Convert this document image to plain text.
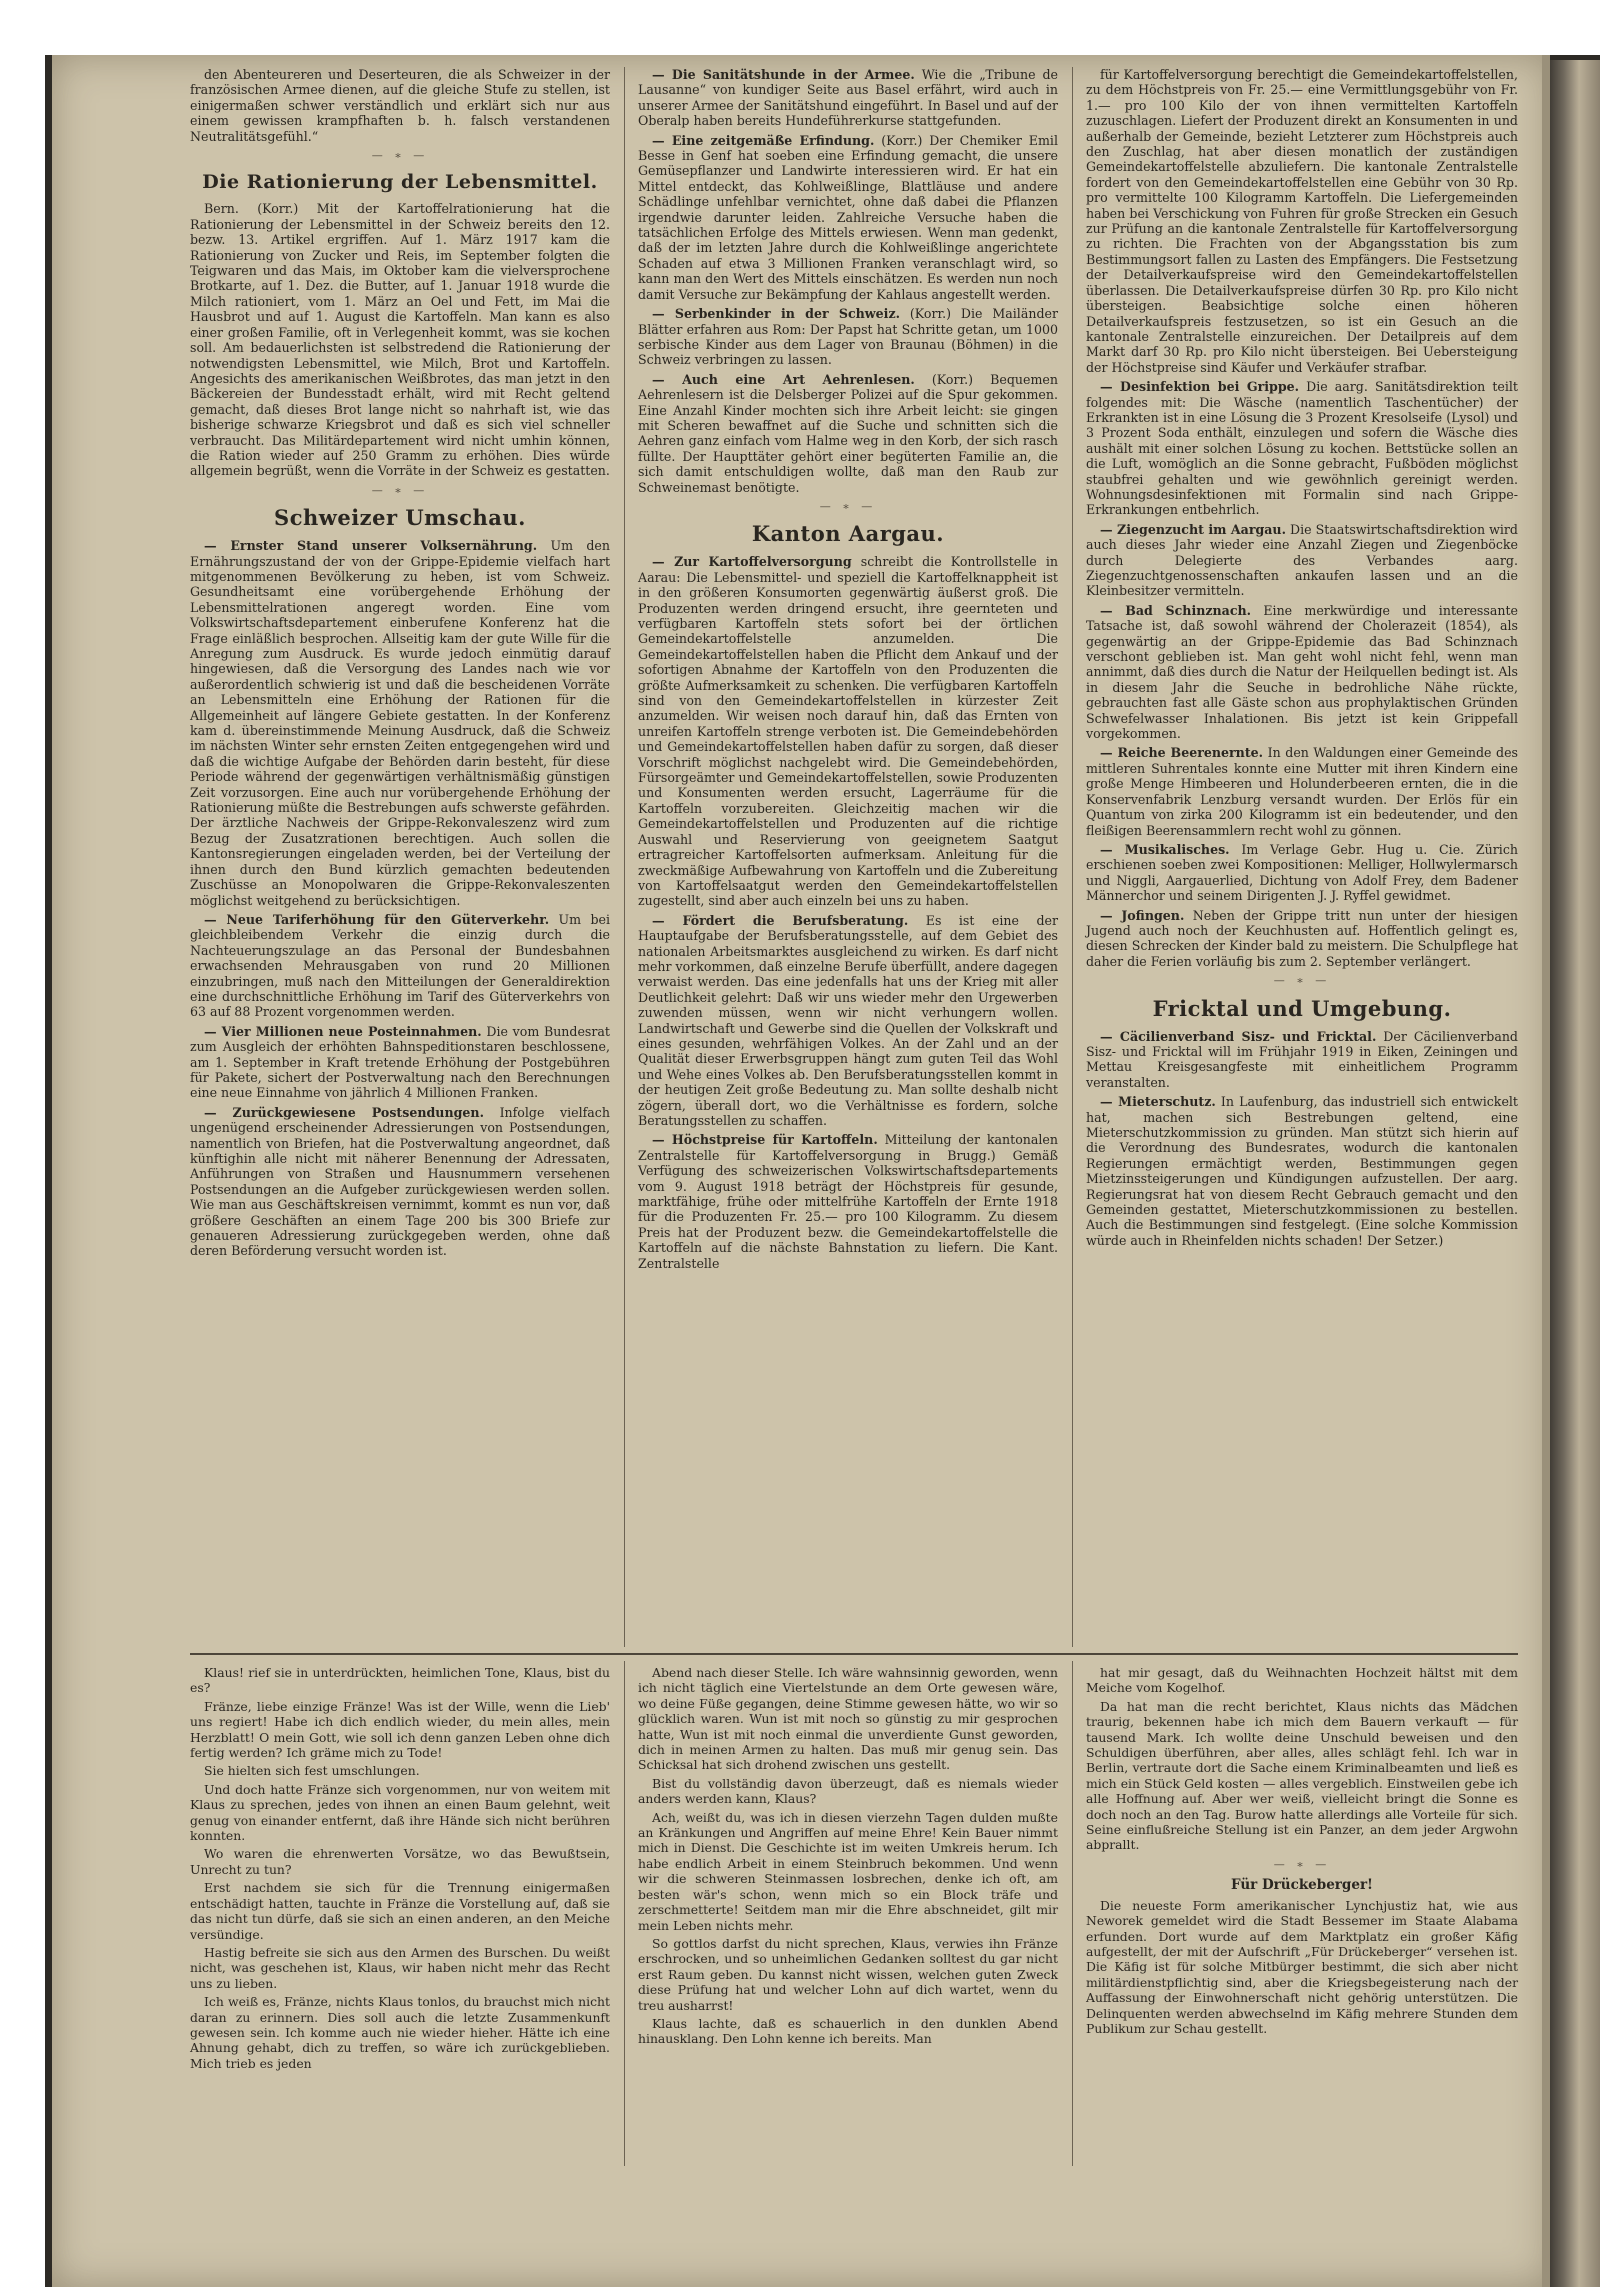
den Abenteureren und Deserteuren, die als Schweizer in der französischen Armee dienen, auf die gleiche Stufe zu stellen, ist einigermaßen schwer verständlich und erklärt sich nur aus einem gewissen krampfhaften b. h. falsch verstandenen Neutralitätsgefühl.“

— ∗ —
Die Rationierung der Lebensmittel.

Bern. (Korr.) Mit der Kartoffelrationierung hat die Rationierung der Lebensmittel in der Schweiz bereits den 12. bezw. 13. Artikel ergriffen. Auf 1. März 1917 kam die Rationierung von Zucker und Reis, im September folgten die Teigwaren und das Mais, im Oktober kam die vielversprochene Brotkarte, auf 1. Dez. die Butter, auf 1. Januar 1918 wurde die Milch rationiert, vom 1. März an Oel und Fett, im Mai die Hausbrot und auf 1. August die Kartoffeln. Man kann es also einer großen Familie, oft in Verlegenheit kommt, was sie kochen soll. Am bedauerlichsten ist selbstredend die Rationierung der notwendigsten Lebensmittel, wie Milch, Brot und Kartoffeln. Angesichts des amerikanischen Weißbrotes, das man jetzt in den Bäckereien der Bundesstadt erhält, wird mit Recht geltend gemacht, daß dieses Brot lange nicht so nahrhaft ist, wie das bisherige schwarze Kriegsbrot und daß es sich viel schneller verbraucht. Das Militärdepartement wird nicht umhin können, die Ration wieder auf 250 Gramm zu erhöhen. Dies würde allgemein begrüßt, wenn die Vorräte in der Schweiz es gestatten.

— ∗ —
Schweizer Umschau.

— Ernster Stand unserer Volksernährung. Um den Ernährungszustand der von der Grippe-Epidemie vielfach hart mitgenommenen Bevölkerung zu heben, ist vom Schweiz. Gesundheitsamt eine vorübergehende Erhöhung der Lebensmittelrationen angeregt worden. Eine vom Volkswirtschaftsdepartement einberufene Konferenz hat die Frage einläßlich besprochen. Allseitig kam der gute Wille für die Anregung zum Ausdruck. Es wurde jedoch einmütig darauf hingewiesen, daß die Versorgung des Landes nach wie vor außerordentlich schwierig ist und daß die bescheidenen Vorräte an Lebensmitteln eine Erhöhung der Rationen für die Allgemeinheit auf längere Gebiete gestatten. In der Konferenz kam d. übereinstimmende Meinung Ausdruck, daß die Schweiz im nächsten Winter sehr ernsten Zeiten entgegengehen wird und daß die wichtige Aufgabe der Behörden darin besteht, für diese Periode während der gegenwärtigen verhältnismäßig günstigen Zeit vorzusorgen. Eine auch nur vorübergehende Erhöhung der Rationierung müßte die Bestrebungen aufs schwerste gefährden. Der ärztliche Nachweis der Grippe-Rekonvaleszenz wird zum Bezug der Zusatzrationen berechtigen. Auch sollen die Kantonsregierungen eingeladen werden, bei der Verteilung der ihnen durch den Bund kürzlich gemachten bedeutenden Zuschüsse an Monopolwaren die Grippe-Rekonvaleszenten möglichst weitgehend zu berücksichtigen.

— Neue Tariferhöhung für den Güterverkehr. Um bei gleichbleibendem Verkehr die einzig durch die Nachteuerungszulage an das Personal der Bundesbahnen erwachsenden Mehrausgaben von rund 20 Millionen einzubringen, muß nach den Mitteilungen der Generaldirektion eine durchschnittliche Erhöhung im Tarif des Güterverkehrs von 63 auf 88 Prozent vorgenommen werden.

— Vier Millionen neue Posteinnahmen. Die vom Bundesrat zum Ausgleich der erhöhten Bahnspeditionstaren beschlossene, am 1. September in Kraft tretende Erhöhung der Postgebühren für Pakete, sichert der Postverwaltung nach den Berechnungen eine neue Einnahme von jährlich 4 Millionen Franken.

— Zurückgewiesene Postsendungen. Infolge vielfach ungenügend erscheinender Adressierungen von Postsendungen, namentlich von Briefen, hat die Postverwaltung angeordnet, daß künftighin alle nicht mit näherer Benennung der Adressaten, Anführungen von Straßen und Hausnummern versehenen Postsendungen an die Aufgeber zurückgewiesen werden sollen. Wie man aus Geschäftskreisen vernimmt, kommt es nun vor, daß größere Geschäften an einem Tage 200 bis 300 Briefe zur genaueren Adressierung zurückgegeben werden, ohne daß deren Beförderung versucht worden ist.

— Die Sanitätshunde in der Armee. Wie die „Tribune de Lausanne“ von kundiger Seite aus Basel erfährt, wird auch in unserer Armee der Sanitätshund eingeführt. In Basel und auf der Oberalp haben bereits Hundeführerkurse stattgefunden.

— Eine zeitgemäße Erfindung. (Korr.) Der Chemiker Emil Besse in Genf hat soeben eine Erfindung gemacht, die unsere Gemüsepflanzer und Landwirte interessieren wird. Er hat ein Mittel entdeckt, das Kohlweißlinge, Blattläuse und andere Schädlinge unfehlbar vernichtet, ohne daß dabei die Pflanzen irgendwie darunter leiden. Zahlreiche Versuche haben die tatsächlichen Erfolge des Mittels erwiesen. Wenn man gedenkt, daß der im letzten Jahre durch die Kohlweißlinge angerichtete Schaden auf etwa 3 Millionen Franken veranschlagt wird, so kann man den Wert des Mittels einschätzen. Es werden nun noch damit Versuche zur Bekämpfung der Kahlaus angestellt werden.

— Serbenkinder in der Schweiz. (Korr.) Die Mailänder Blätter erfahren aus Rom: Der Papst hat Schritte getan, um 1000 serbische Kinder aus dem Lager von Braunau (Böhmen) in die Schweiz verbringen zu lassen.

— Auch eine Art Aehrenlesen. (Korr.) Bequemen Aehrenlesern ist die Delsberger Polizei auf die Spur gekommen. Eine Anzahl Kinder mochten sich ihre Arbeit leicht: sie gingen mit Scheren bewaffnet auf die Suche und schnitten sich die Aehren ganz einfach vom Halme weg in den Korb, der sich rasch füllte. Der Haupttäter gehört einer begüterten Familie an, die sich damit entschuldigen wollte, daß man den Raub zur Schweinemast benötigte.

— ∗ —
Kanton Aargau.

— Zur Kartoffelversorgung schreibt die Kontrollstelle in Aarau: Die Lebensmittel- und speziell die Kartoffelknappheit ist in den größeren Konsumorten gegenwärtig äußerst groß. Die Produzenten werden dringend ersucht, ihre geernteten und verfügbaren Kartoffeln stets sofort bei der örtlichen Gemeindekartoffelstelle anzumelden. Die Gemeindekartoffelstellen haben die Pflicht dem Ankauf und der sofortigen Abnahme der Kartoffeln von den Produzenten die größte Aufmerksamkeit zu schenken. Die verfügbaren Kartoffeln sind von den Gemeindekartoffelstellen in kürzester Zeit anzumelden. Wir weisen noch darauf hin, daß das Ernten von unreifen Kartoffeln strenge verboten ist. Die Gemeindebehörden und Gemeindekartoffelstellen haben dafür zu sorgen, daß dieser Vorschrift möglichst nachgelebt wird. Die Gemeindebehörden, Fürsorgeämter und Gemeindekartoffelstellen, sowie Produzenten und Konsumenten werden ersucht, Lagerräume für die Kartoffeln vorzubereiten. Gleichzeitig machen wir die Gemeindekartoffelstellen und Produzenten auf die richtige Auswahl und Reservierung von geeignetem Saatgut ertragreicher Kartoffelsorten aufmerksam. Anleitung für die zweckmäßige Aufbewahrung von Kartoffeln und die Zubereitung von Kartoffelsaatgut werden den Gemeindekartoffelstellen zugestellt, sind aber auch einzeln bei uns zu haben.

— Fördert die Berufsberatung. Es ist eine der Hauptaufgabe der Berufsberatungsstelle, auf dem Gebiet des nationalen Arbeitsmarktes ausgleichend zu wirken. Es darf nicht mehr vorkommen, daß einzelne Berufe überfüllt, andere dagegen verwaist werden. Das eine jedenfalls hat uns der Krieg mit aller Deutlichkeit gelehrt: Daß wir uns wieder mehr den Urgewerben zuwenden müssen, wenn wir nicht verhungern wollen. Landwirtschaft und Gewerbe sind die Quellen der Volkskraft und eines gesunden, wehrfähigen Volkes. An der Zahl und an der Qualität dieser Erwerbsgruppen hängt zum guten Teil das Wohl und Wehe eines Volkes ab. Den Berufsberatungsstellen kommt in der heutigen Zeit große Bedeutung zu. Man sollte deshalb nicht zögern, überall dort, wo die Verhältnisse es fordern, solche Beratungsstellen zu schaffen.

— Höchstpreise für Kartoffeln. Mitteilung der kantonalen Zentralstelle für Kartoffelversorgung in Brugg.) Gemäß Verfügung des schweizerischen Volkswirtschaftsdepartements vom 9. August 1918 beträgt der Höchstpreis für gesunde, marktfähige, frühe oder mittelfrühe Kartoffeln der Ernte 1918 für die Produzenten Fr. 25.— pro 100 Kilogramm. Zu diesem Preis hat der Produzent bezw. die Gemeindekartoffelstelle die Kartoffeln auf die nächste Bahnstation zu liefern. Die Kant. Zentralstelle

für Kartoffelversorgung berechtigt die Gemeindekartoffelstellen, zu dem Höchstpreis von Fr. 25.— eine Vermittlungsgebühr von Fr. 1.— pro 100 Kilo der von ihnen vermittelten Kartoffeln zuzuschlagen. Liefert der Produzent direkt an Konsumenten in und außerhalb der Gemeinde, bezieht Letzterer zum Höchstpreis auch den Zuschlag, hat aber diesen monatlich der zuständigen Gemeindekartoffelstelle abzuliefern. Die kantonale Zentralstelle fordert von den Gemeindekartoffelstellen eine Gebühr von 30 Rp. pro vermittelte 100 Kilogramm Kartoffeln. Die Liefergemeinden haben bei Verschickung von Fuhren für große Strecken ein Gesuch zur Prüfung an die kantonale Zentralstelle für Kartoffelversorgung zu richten. Die Frachten von der Abgangsstation bis zum Bestimmungsort fallen zu Lasten des Empfängers. Die Festsetzung der Detailverkaufspreise wird den Gemeindekartoffelstellen überlassen. Die Detailverkaufspreise dürfen 30 Rp. pro Kilo nicht übersteigen. Beabsichtige solche einen höheren Detailverkaufspreis festzusetzen, so ist ein Gesuch an die kantonale Zentralstelle einzureichen. Der Detailpreis auf dem Markt darf 30 Rp. pro Kilo nicht übersteigen. Bei Uebersteigung der Höchstpreise sind Käufer und Verkäufer strafbar.

— Desinfektion bei Grippe. Die aarg. Sanitätsdirektion teilt folgendes mit: Die Wäsche (namentlich Taschentücher) der Erkrankten ist in eine Lösung die 3 Prozent Kresolseife (Lysol) und 3 Prozent Soda enthält, einzulegen und sofern die Wäsche dies aushält mit einer solchen Lösung zu kochen. Bettstücke sollen an die Luft, womöglich an die Sonne gebracht, Fußböden möglichst staubfrei gehalten und wie gewöhnlich gereinigt werden. Wohnungsdesinfektionen mit Formalin sind nach Grippe-Erkrankungen entbehrlich.

— Ziegenzucht im Aargau. Die Staatswirtschaftsdirektion wird auch dieses Jahr wieder eine Anzahl Ziegen und Ziegenböcke durch Delegierte des Verbandes aarg. Ziegenzuchtgenossenschaften ankaufen lassen und an die Kleinbesitzer vermitteln.

— Bad Schinznach. Eine merkwürdige und interessante Tatsache ist, daß sowohl während der Cholerazeit (1854), als gegenwärtig an der Grippe-Epidemie das Bad Schinznach verschont geblieben ist. Man geht wohl nicht fehl, wenn man annimmt, daß dies durch die Natur der Heilquellen bedingt ist. Als in diesem Jahr die Seuche in bedrohliche Nähe rückte, gebrauchten fast alle Gäste schon aus prophylaktischen Gründen Schwefelwasser Inhalationen. Bis jetzt ist kein Grippefall vorgekommen.

— Reiche Beerenernte. In den Waldungen einer Gemeinde des mittleren Suhrentales konnte eine Mutter mit ihren Kindern eine große Menge Himbeeren und Holunderbeeren ernten, die in die Konservenfabrik Lenzburg versandt wurden. Der Erlös für ein Quantum von zirka 200 Kilogramm ist ein bedeutender, und den fleißigen Beerensammlern recht wohl zu gönnen.

— Musikalisches. Im Verlage Gebr. Hug u. Cie. Zürich erschienen soeben zwei Kompositionen: Melliger, Hollwylermarsch und Niggli, Aargauerlied, Dichtung von Adolf Frey, dem Badener Männerchor und seinem Dirigenten J. J. Ryffel gewidmet.

— Jofingen. Neben der Grippe tritt nun unter der hiesigen Jugend auch noch der Keuchhusten auf. Hoffentlich gelingt es, diesen Schrecken der Kinder bald zu meistern. Die Schulpflege hat daher die Ferien vorläufig bis zum 2. September verlängert.

— ∗ —
Fricktal und Umgebung.

— Cäcilienverband Sisz- und Fricktal. Der Cäcilienverband Sisz- und Fricktal will im Frühjahr 1919 in Eiken, Zeiningen und Mettau Kreisgesangfeste mit einheitlichem Programm veranstalten.

— Mieterschutz. In Laufenburg, das industriell sich entwickelt hat, machen sich Bestrebungen geltend, eine Mieterschutzkommission zu gründen. Man stützt sich hierin auf die Verordnung des Bundesrates, wodurch die kantonalen Regierungen ermächtigt werden, Bestimmungen gegen Mietzinssteigerungen und Kündigungen aufzustellen. Der aarg. Regierungsrat hat von diesem Recht Gebrauch gemacht und den Gemeinden gestattet, Mieterschutzkommissionen zu bestellen. Auch die Bestimmungen sind festgelegt. (Eine solche Kommission würde auch in Rheinfelden nichts schaden! Der Setzer.)

Klaus! rief sie in unterdrückten, heimlichen Tone, Klaus, bist du es?

Fränze, liebe einzige Fränze! Was ist der Wille, wenn die Lieb' uns regiert! Habe ich dich endlich wieder, du mein alles, mein Herzblatt! O mein Gott, wie soll ich denn ganzen Leben ohne dich fertig werden? Ich gräme mich zu Tode!

Sie hielten sich fest umschlungen.

Und doch hatte Fränze sich vorgenommen, nur von weitem mit Klaus zu sprechen, jedes von ihnen an einen Baum gelehnt, weit genug von einander entfernt, daß ihre Hände sich nicht berühren konnten.

Wo waren die ehrenwerten Vorsätze, wo das Bewußtsein, Unrecht zu tun?

Erst nachdem sie sich für die Trennung einigermaßen entschädigt hatten, tauchte in Fränze die Vorstellung auf, daß sie das nicht tun dürfe, daß sie sich an einen anderen, an den Meiche versündige.

Hastig befreite sie sich aus den Armen des Burschen. Du weißt nicht, was geschehen ist, Klaus, wir haben nicht mehr das Recht uns zu lieben.

Ich weiß es, Fränze, nichts Klaus tonlos, du brauchst mich nicht daran zu erinnern. Dies soll auch die letzte Zusammenkunft gewesen sein. Ich komme auch nie wieder hieher. Hätte ich eine Ahnung gehabt, dich zu treffen, so wäre ich zurückgeblieben. Mich trieb es jeden

Abend nach dieser Stelle. Ich wäre wahnsinnig geworden, wenn ich nicht täglich eine Viertelstunde an dem Orte gewesen wäre, wo deine Füße gegangen, deine Stimme gewesen hätte, wo wir so glücklich waren. Wun ist mit noch so günstig zu mir gesprochen hatte, Wun ist mit noch einmal die unverdiente Gunst geworden, dich in meinen Armen zu halten. Das muß mir genug sein. Das Schicksal hat sich drohend zwischen uns gestellt.

Bist du vollständig davon überzeugt, daß es niemals wieder anders werden kann, Klaus?

Ach, weißt du, was ich in diesen vierzehn Tagen dulden mußte an Kränkungen und Angriffen auf meine Ehre! Kein Bauer nimmt mich in Dienst. Die Geschichte ist im weiten Umkreis herum. Ich habe endlich Arbeit in einem Steinbruch bekommen. Und wenn wir die schweren Steinmassen losbrechen, denke ich oft, am besten wär's schon, wenn mich so ein Block träfe und zerschmetterte! Seitdem man mir die Ehre abschneidet, gilt mir mein Leben nichts mehr.

So gottlos darfst du nicht sprechen, Klaus, verwies ihn Fränze erschrocken, und so unheimlichen Gedanken solltest du gar nicht erst Raum geben. Du kannst nicht wissen, welchen guten Zweck diese Prüfung hat und welcher Lohn auf dich wartet, wenn du treu ausharrst!

Klaus lachte, daß es schauerlich in den dunklen Abend hinausklang. Den Lohn kenne ich bereits. Man

hat mir gesagt, daß du Weihnachten Hochzeit hältst mit dem Meiche vom Kogelhof.

Da hat man die recht berichtet, Klaus nichts das Mädchen traurig, bekennen habe ich mich dem Bauern verkauft — für tausend Mark. Ich wollte deine Unschuld beweisen und den Schuldigen überführen, aber alles, alles schlägt fehl. Ich war in Berlin, vertraute dort die Sache einem Kriminalbeamten und ließ es mich ein Stück Geld kosten — alles vergeblich. Einstweilen gebe ich alle Hoffnung auf. Aber wer weiß, vielleicht bringt die Sonne es doch noch an den Tag. Burow hatte allerdings alle Vorteile für sich. Seine einflußreiche Stellung ist ein Panzer, an dem jeder Argwohn abprallt.

— ∗ —
Für Drückeberger!

Die neueste Form amerikanischer Lynchjustiz hat, wie aus Neworek gemeldet wird die Stadt Bessemer im Staate Alabama erfunden. Dort wurde auf dem Marktplatz ein großer Käfig aufgestellt, der mit der Aufschrift „Für Drückeberger“ versehen ist. Die Käfig ist für solche Mitbürger bestimmt, die sich aber nicht militärdienstpflichtig sind, aber die Kriegsbegeisterung nach der Auffassung der Einwohnerschaft nicht gehörig unterstützen. Die Delinquenten werden abwechselnd im Käfig mehrere Stunden dem Publikum zur Schau gestellt.
